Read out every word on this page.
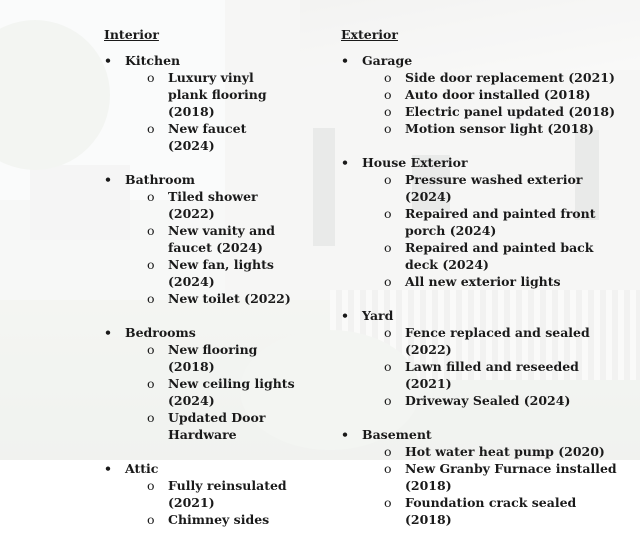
Interior
• Kitchen
o Luxury vinyl plank flooring (2018)
o New faucet (2024)
• Bathroom
o Tiled shower (2022)
o New vanity and faucet (2024)
o New fan, lights (2024)
o New toilet (2022)
• Bedrooms
o New flooring (2018)
o New ceiling lights (2024)
o Updated Door Hardware
• Attic
o Fully reinsulated (2021)
o Chimney sides
Exterior
• Garage
o Side door replacement (2021)
o Auto door installed (2018)
o Electric panel updated (2018)
o Motion sensor light (2018)
• House Exterior
o Pressure washed exterior (2024)
o Repaired and painted front porch (2024)
o Repaired and painted back deck (2024)
o All new exterior lights
• Yard
o Fence replaced and sealed (2022)
o Lawn filled and reseeded (2021)
o Driveway Sealed (2024)
• Basement
o Hot water heat pump (2020)
o New Granby Furnace installed (2018)
o Foundation crack sealed (2018)
